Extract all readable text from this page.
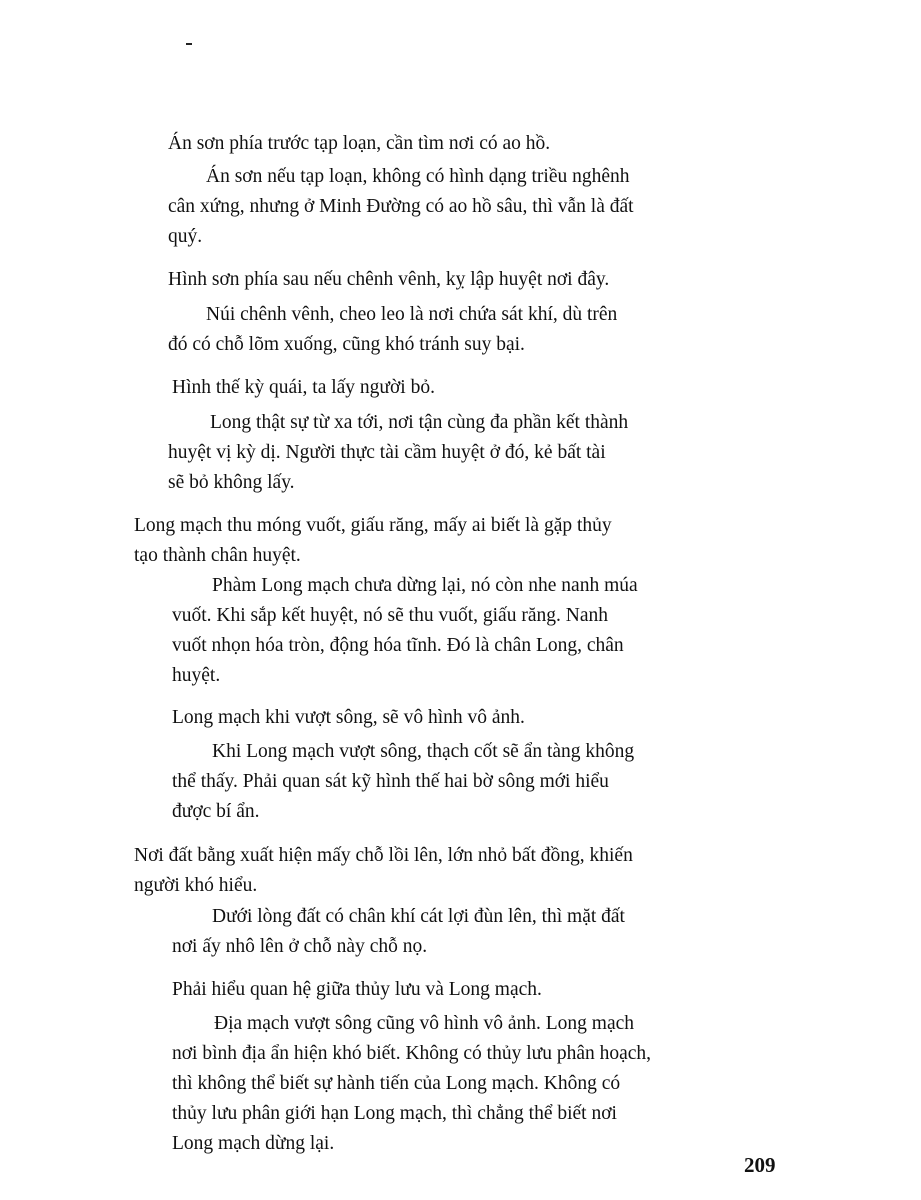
Án sơn phía trước tạp loạn, cần tìm nơi có ao hồ.

Án sơn nếu tạp loạn, không có hình dạng triều nghênh
cân xứng, nhưng ở Minh Đường có ao hồ sâu, thì vẫn là đất
quý.

Hình sơn phía sau nếu chênh vênh, kỵ lập huyệt nơi đây.

Núi chênh vênh, cheo leo là nơi chứa sát khí, dù trên
đó có chỗ lõm xuống, cũng khó tránh suy bại.

Hình thế kỳ quái, ta lấy người bỏ.

Long thật sự từ xa tới, nơi tận cùng đa phần kết thành
huyệt vị kỳ dị. Người thực tài cầm huyệt ở đó, kẻ bất tài
sẽ bỏ không lấy.

Long mạch thu móng vuốt, giấu răng, mấy ai biết là gặp thủy
tạo thành chân huyệt.

Phàm Long mạch chưa dừng lại, nó còn nhe nanh múa
vuốt. Khi sắp kết huyệt, nó sẽ thu vuốt, giấu răng. Nanh
vuốt nhọn hóa tròn, động hóa tĩnh. Đó là chân Long, chân
huyệt.

Long mạch khi vượt sông, sẽ vô hình vô ảnh.

Khi Long mạch vượt sông, thạch cốt sẽ ẩn tàng không
thể thấy. Phải quan sát kỹ hình thế hai bờ sông mới hiểu
được bí ẩn.

Nơi đất bằng xuất hiện mấy chỗ lồi lên, lớn nhỏ bất đồng, khiến
người khó hiểu.

Dưới lòng đất có chân khí cát lợi đùn lên, thì mặt đất
nơi ấy nhô lên ở chỗ này chỗ nọ.

Phải hiểu quan hệ giữa thủy lưu và Long mạch.

Địa mạch vượt sông cũng vô hình vô ảnh. Long mạch
nơi bình địa ẩn hiện khó biết. Không có thủy lưu phân hoạch,
thì không thể biết sự hành tiến của Long mạch. Không có
thủy lưu phân giới hạn Long mạch, thì chẳng thể biết nơi
Long mạch dừng lại.

209
